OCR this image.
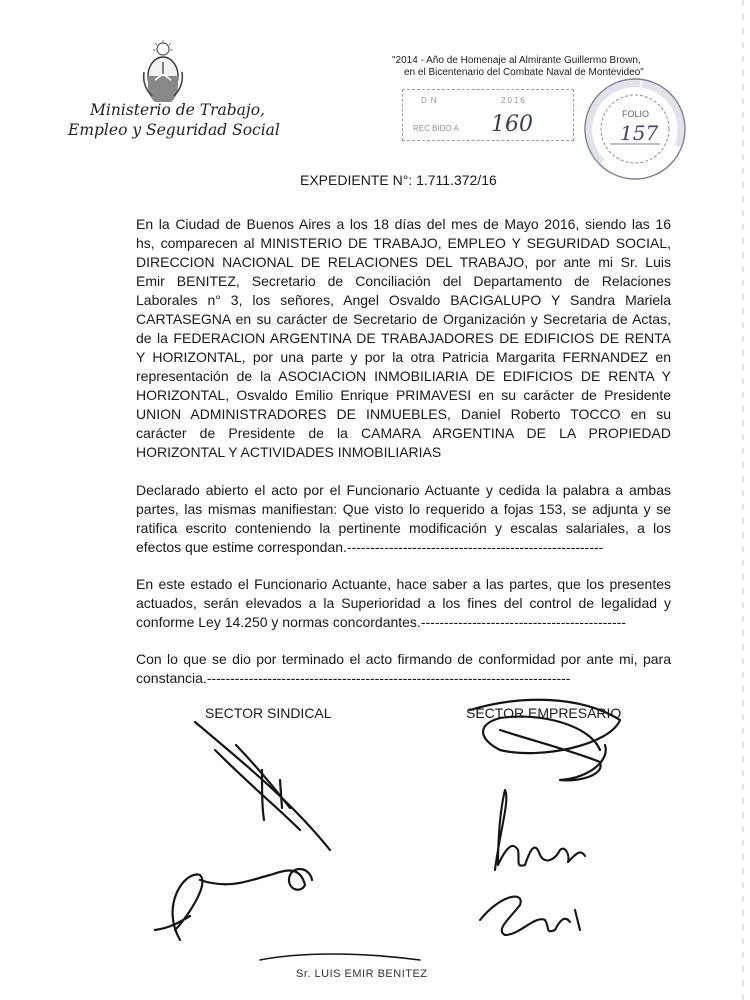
Ministerio de Trabajo,
Empleo y Seguridad Social
"2014 - Año de Homenaje al Almirante Guillermo Brown,
en el Bicentenario del Combate Naval de Montevideo"
DN	2016
REC BIDO A 160	FOLIO
157
EXPEDIENTE N°: 1.711.372/16
En la Ciudad de Buenos Aires a los 18 días del mes de Mayo 2016, siendo las 16
hs, comparecen al MINISTERIO DE TRABAJO, EMPLEO Y SEGURIDAD SOCIAL,
DIRECCION NACIONAL DE RELACIONES DEL TRABAJO, por ante mi Sr. Luis
Emir BENITEZ, Secretario de Conciliación del Departamento de Relaciones
Laborales n° 3, los señores, Angel Osvaldo BACIGALUPO Y Sandra Mariela
CARTASEGNA en su carácter de Secretario de Organización y Secretaria de Actas,
de la FEDERACION ARGENTINA DE TRABAJADORES DE EDIFICIOS DE RENTA
Y HORIZONTAL, por una parte y por la otra Patricia Margarita FERNANDEZ en
representación de la ASOCIACION INMOBILIARIA DE EDIFICIOS DE RENTA Y
HORIZONTAL, Osvaldo Emilio Enrique PRIMAVESI en su carácter de Presidente
UNION ADMINISTRADORES DE INMUEBLES, Daniel Roberto TOCCO en su
carácter de Presidente de la CAMARA ARGENTINA DE LA PROPIEDAD
HORIZONTAL Y ACTIVIDADES INMOBILIARIAS
Declarado abierto el acto por el Funcionario Actuante y cedida la palabra a ambas
partes, las mismas manifiestan: Que visto lo requerido a fojas 153, se adjunta y se
ratifica escrito conteniendo la pertinente modificación y escalas salariales, a los
efectos que estime correspondan.-------------------------------------------------------
En este estado el Funcionario Actuante, hace saber a las partes, que los presentes
actuados, serán elevados a la Superioridad a los fines del control de legalidad y
conforme Ley 14.250 y normas concordantes.--------------------------------------------
Con lo que se dio por terminado el acto firmando de conformidad por ante mi, para
constancia.------------------------------------------------------------------------------
SECTOR SINDICAL	SECTOR EMPRESARIO
Sr. LUIS EMIR BENITEZ
